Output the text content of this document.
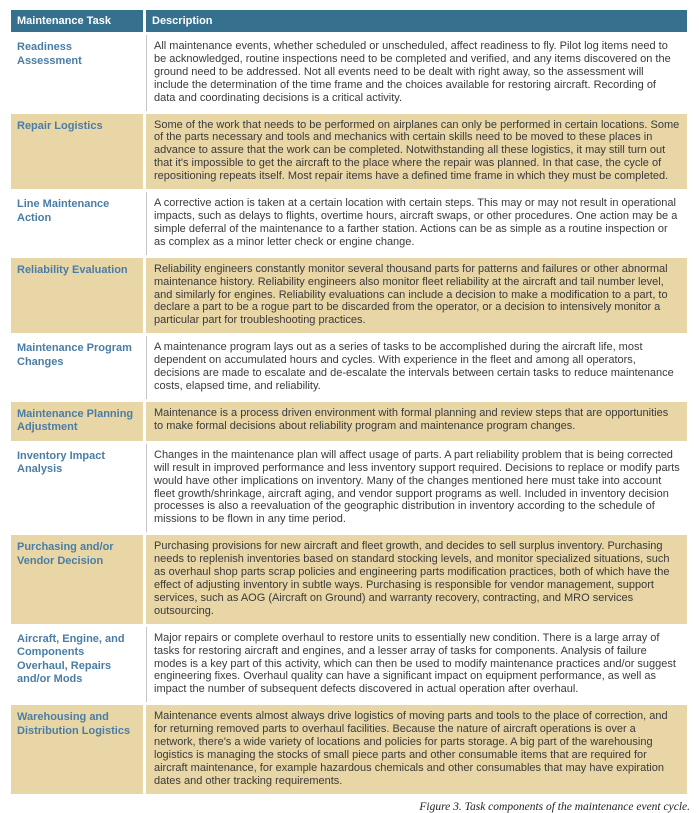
Maintenance Task	Description
Readiness Assessment	All maintenance events, whether scheduled or unscheduled, affect readiness to fly. Pilot log items need to be acknowledged, routine inspections need to be completed and verified, and any items discovered on the ground need to be addressed. Not all events need to be dealt with right away, so the assessment will include the determination of the time frame and the choices available for restoring aircraft. Recording of data and coordinating decisions is a critical activity.
Repair Logistics	Some of the work that needs to be performed on airplanes can only be performed in certain locations. Some of the parts necessary and tools and mechanics with certain skills need to be moved to these places in advance to assure that the work can be completed. Notwithstanding all these logistics, it may still turn out that it's impossible to get the aircraft to the place where the repair was planned. In that case, the cycle of repositioning repeats itself. Most repair items have a defined time frame in which they must be completed.
Line Maintenance Action	A corrective action is taken at a certain location with certain steps. This may or may not result in operational impacts, such as delays to flights, overtime hours, aircraft swaps, or other procedures. One action may be a simple deferral of the maintenance to a farther station. Actions can be as simple as a routine inspection or as complex as a minor letter check or engine change.
Reliability Evaluation	Reliability engineers constantly monitor several thousand parts for patterns and failures or other abnormal maintenance history. Reliability engineers also monitor fleet reliability at the aircraft and tail number level, and similarly for engines. Reliability evaluations can include a decision to make a modification to a part, to declare a part to be a rogue part to be discarded from the operator, or a decision to intensively monitor a particular part for troubleshooting practices.
Maintenance Program Changes	A maintenance program lays out as a series of tasks to be accomplished during the aircraft life, most dependent on accumulated hours and cycles. With experience in the fleet and among all operators, decisions are made to escalate and de-escalate the intervals between certain tasks to reduce maintenance costs, elapsed time, and reliability.
Maintenance Planning Adjustment	Maintenance is a process driven environment with formal planning and review steps that are opportunities to make formal decisions about reliability program and maintenance program changes.
Inventory Impact Analysis	Changes in the maintenance plan will affect usage of parts. A part reliability problem that is being corrected will result in improved performance and less inventory support required. Decisions to replace or modify parts would have other implications on inventory. Many of the changes mentioned here must take into account fleet growth/shrinkage, aircraft aging, and vendor support programs as well. Included in inventory decision processes is also a reevaluation of the geographic distribution in inventory according to the schedule of missions to be flown in any time period.
Purchasing and/or Vendor Decision	Purchasing provisions for new aircraft and fleet growth, and decides to sell surplus inventory. Purchasing needs to replenish inventories based on standard stocking levels, and monitor specialized situations, such as overhaul shop parts scrap policies and engineering parts modification practices, both of which have the effect of adjusting inventory in subtle ways. Purchasing is responsible for vendor management, support services, such as AOG (Aircraft on Ground) and warranty recovery, contracting, and MRO services outsourcing.
Aircraft, Engine, and Components Overhaul, Repairs and/or Mods	Major repairs or complete overhaul to restore units to essentially new condition. There is a large array of tasks for restoring aircraft and engines, and a lesser array of tasks for components. Analysis of failure modes is a key part of this activity, which can then be used to modify maintenance practices and/or suggest engineering fixes. Overhaul quality can have a significant impact on equipment performance, as well as impact the number of subsequent defects discovered in actual operation after overhaul.
Warehousing and Distribution Logistics	Maintenance events almost always drive logistics of moving parts and tools to the place of correction, and for returning removed parts to overhaul facilities. Because the nature of aircraft operations is over a network, there's a wide variety of locations and policies for parts storage. A big part of the warehousing logistics is managing the stocks of small piece parts and other consumable items that are required for aircraft maintenance, for example hazardous chemicals and other consumables that may have expiration dates and other tracking requirements.
Figure 3. Task components of the maintenance event cycle.
